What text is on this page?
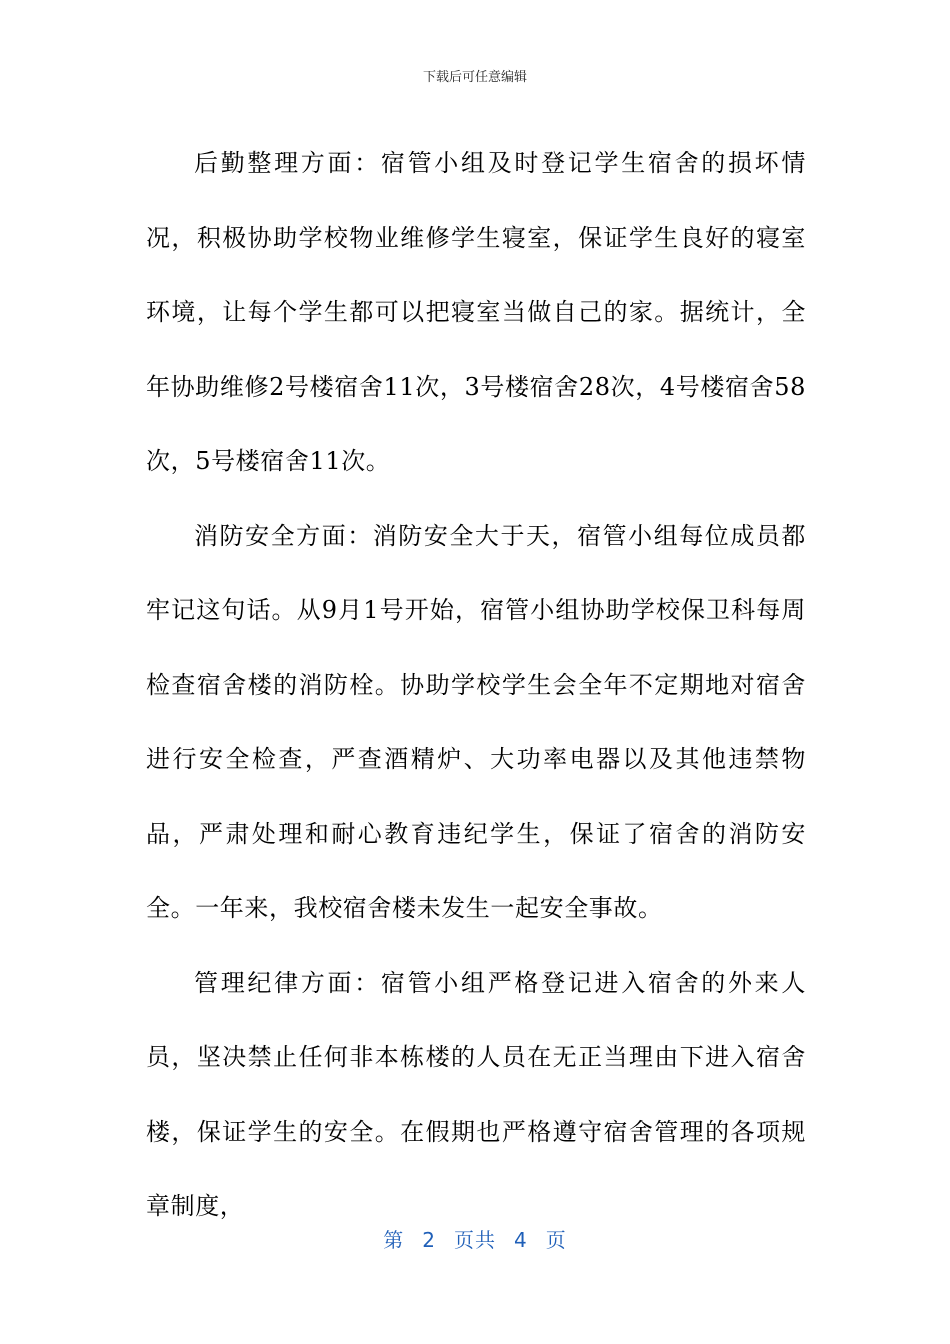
下载后可任意编辑

后勤整理方面：宿管小组及时登记学生宿舍的损坏情况，积极协助学校物业维修学生寝室，保证学生良好的寝室环境，让每个学生都可以把寝室当做自己的家。据统计，全年协助维修2号楼宿舍11次，3号楼宿舍28次，4号楼宿舍58次，5号楼宿舍11次。

消防安全方面：消防安全大于天，宿管小组每位成员都牢记这句话。从9月1号开始，宿管小组协助学校保卫科每周检查宿舍楼的消防栓。协助学校学生会全年不定期地对宿舍进行安全检查，严查酒精炉、大功率电器以及其他违禁物品，严肃处理和耐心教育违纪学生，保证了宿舍的消防安全。一年来，我校宿舍楼未发生一起安全事故。

管理纪律方面：宿管小组严格登记进入宿舍的外来人员，坚决禁止任何非本栋楼的人员在无正当理由下进入宿舍楼，保证学生的安全。在假期也严格遵守宿舍管理的各项规章制度，

第 2 页共 4 页
